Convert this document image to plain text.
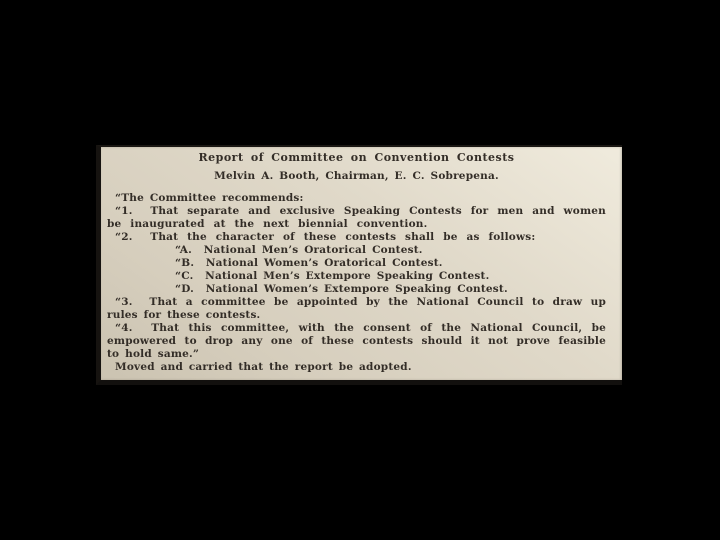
Report of Committee on Convention Contests
Melvin A. Booth, Chairman, E. C. Sobrepena.
“The Committee recommends:
“1.  That separate and exclusive Speaking Contests for men and women
be inaugurated at the next biennial convention.
“2.  That the character of these contests shall be as follows:
“A.  National Men’s Oratorical Contest.
“B.  National Women’s Oratorical Contest.
“C.  National Men’s Extempore Speaking Contest.
“D.  National Women’s Extempore Speaking Contest.
“3.  That a committee be appointed by the National Council to draw up
rules for these contests.
“4.  That this committee, with the consent of the National Council, be
empowered to drop any one of these contests should it not prove feasible
to hold same.”
Moved and carried that the report be adopted.
